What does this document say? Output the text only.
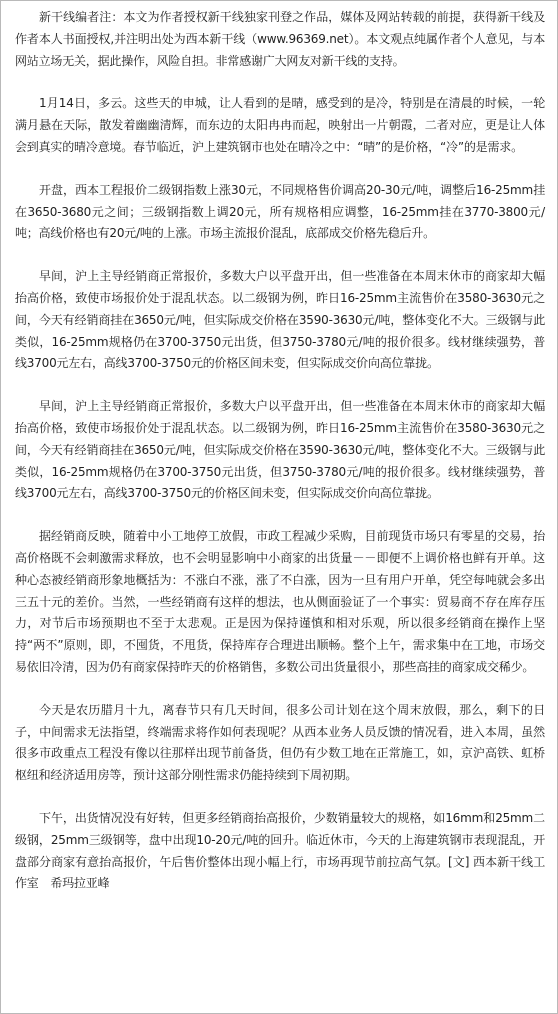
新干线编者注：本文为作者授权新干线独家刊登之作品，媒体及网站转载的前提，获得新干线及作者本人书面授权,并注明出处为西本新干线（www.96369.net）。本文观点纯属作者个人意见，与本网站立场无关，据此操作，风险自担。非常感谢广大网友对新干线的支持。

1月14日，多云。这些天的申城，让人看到的是晴，感受到的是冷，特别是在清晨的时候，一轮满月悬在天际，散发着幽幽清辉，而东边的太阳冉冉而起，映射出一片朝霞，二者对应，更是让人体会到真实的晴冷意境。春节临近，沪上建筑钢市也处在晴冷之中：“晴”的是价格，“冷”的是需求。

开盘，西本工程报价二级钢指数上涨30元，不同规格售价调高20-30元/吨，调整后16-25mm挂在3650-3680元之间；三级钢指数上调20元，所有规格相应调整，16-25mm挂在3770-3800元/吨；高线价格也有20元/吨的上涨。市场主流报价混乱，底部成交价格先稳后升。

早间，沪上主导经销商正常报价，多数大户以平盘开出，但一些准备在本周末休市的商家却大幅抬高价格，致使市场报价处于混乱状态。以二级钢为例，昨日16-25mm主流售价在3580-3630元之间，今天有经销商挂在3650元/吨，但实际成交价格在3590-3630元/吨，整体变化不大。三级钢与此类似，16-25mm规格仍在3700-3750元出货，但3750-3780元/吨的报价很多。线材继续强势，普线3700元左右，高线3700-3750元的价格区间未变，但实际成交价向高位靠拢。

早间，沪上主导经销商正常报价，多数大户以平盘开出，但一些准备在本周末休市的商家却大幅抬高价格，致使市场报价处于混乱状态。以二级钢为例，昨日16-25mm主流售价在3580-3630元之间，今天有经销商挂在3650元/吨，但实际成交价格在3590-3630元/吨，整体变化不大。三级钢与此类似，16-25mm规格仍在3700-3750元出货，但3750-3780元/吨的报价很多。线材继续强势，普线3700元左右，高线3700-3750元的价格区间未变，但实际成交价向高位靠拢。

据经销商反映，随着中小工地停工放假，市政工程减少采购，目前现货市场只有零星的交易，抬高价格既不会刺激需求释放，也不会明显影响中小商家的出货量－－即便不上调价格也鲜有开单。这种心态被经销商形象地概括为：不涨白不涨，涨了不白涨，因为一旦有用户开单，凭空每吨就会多出三五十元的差价。当然，一些经销商有这样的想法，也从侧面验证了一个事实：贸易商不存在库存压力，对节后市场预期也不至于太悲观。正是因为保持谨慎和相对乐观，所以很多经销商在操作上坚持“两不”原则，即，不囤货，不甩货，保持库存合理进出顺畅。整个上午，需求集中在工地，市场交易依旧冷清，因为仍有商家保持昨天的价格销售，多数公司出货量很小，那些高挂的商家成交稀少。

今天是农历腊月十九，离春节只有几天时间，很多公司计划在这个周末放假，那么，剩下的日子，中间需求无法指望，终端需求将作如何表现呢？从西本业务人员反馈的情况看，进入本周，虽然很多市政重点工程没有像以往那样出现节前备货，但仍有少数工地在正常施工，如，京沪高铁、虹桥枢纽和经济适用房等，预计这部分刚性需求仍能持续到下周初期。

下午，出货情况没有好转，但更多经销商抬高报价，少数销量较大的规格，如16mm和25mm二级钢，25mm三级钢等，盘中出现10-20元/吨的回升。临近休市，今天的上海建筑钢市表现混乱，开盘部分商家有意抬高报价，午后售价整体出现小幅上行，市场再现节前拉高气氛。[文] 西本新干线工作室　希玛拉亚峰
